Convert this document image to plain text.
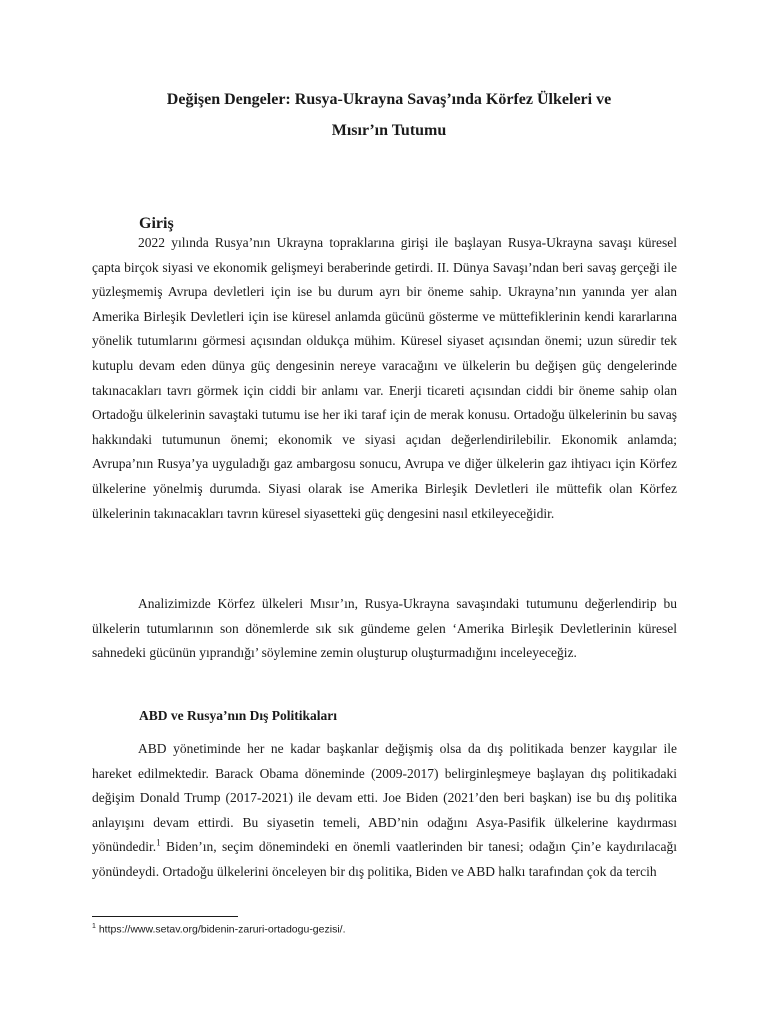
Değişen Dengeler: Rusya-Ukrayna Savaş’ında Körfez Ülkeleri ve
Mısır’ın Tutumu
Giriş

2022 yılında Rusya’nın Ukrayna topraklarına girişi ile başlayan Rusya-Ukrayna savaşı küresel çapta birçok siyasi ve ekonomik gelişmeyi beraberinde getirdi. II. Dünya Savaşı’ndan beri savaş gerçeği ile yüzleşmemiş Avrupa devletleri için ise bu durum ayrı bir öneme sahip. Ukrayna’nın yanında yer alan Amerika Birleşik Devletleri için ise küresel anlamda gücünü gösterme ve müttefiklerinin kendi kararlarına yönelik tutumlarını görmesi açısından oldukça mühim. Küresel siyaset açısından önemi; uzun süredir tek kutuplu devam eden dünya güç dengesinin nereye varacağını ve ülkelerin bu değişen güç dengelerinde takınacakları tavrı görmek için ciddi bir anlamı var. Enerji ticareti açısından ciddi bir öneme sahip olan Ortadoğu ülkelerinin savaştaki tutumu ise her iki taraf için de merak konusu. Ortadoğu ülkelerinin bu savaş hakkındaki tutumunun önemi; ekonomik ve siyasi açıdan değerlendirilebilir. Ekonomik anlamda; Avrupa’nın Rusya’ya uyguladığı gaz ambargosu sonucu, Avrupa ve diğer ülkelerin gaz ihtiyacı için Körfez ülkelerine yönelmiş durumda. Siyasi olarak ise Amerika Birleşik Devletleri ile müttefik olan Körfez ülkelerinin takınacakları tavrın küresel siyasetteki güç dengesini nasıl etkileyeceğidir.

Analizimizde Körfez ülkeleri Mısır’ın, Rusya-Ukrayna savaşındaki tutumunu değerlendirip bu ülkelerin tutumlarının son dönemlerde sık sık gündeme gelen ‘Amerika Birleşik Devletlerinin küresel sahnedeki gücünün yıprandığı’ söylemine zemin oluşturup oluşturmadığını inceleyeceğiz.

ABD ve Rusya’nın Dış Politikaları

ABD yönetiminde her ne kadar başkanlar değişmiş olsa da dış politikada benzer kaygılar ile hareket edilmektedir. Barack Obama döneminde (2009-2017) belirginleşmeye başlayan dış politikadaki değişim Donald Trump (2017-2021) ile devam etti. Joe Biden (2021’den beri başkan) ise bu dış politika anlayışını devam ettirdi. Bu siyasetin temeli, ABD’nin odağını Asya-Pasifik ülkelerine kaydırması yönündedir.$^1$ Biden’ın, seçim dönemindeki en önemli vaatlerinden bir tanesi; odağın Çin’e kaydırılacağı yönündeydi. Ortadoğu ülkelerini önceleyen bir dış politika, Biden ve ABD halkı tarafından çok da tercih

$^1$ https://www.setav.org/bidenin-zaruri-ortadogu-gezisi/.
